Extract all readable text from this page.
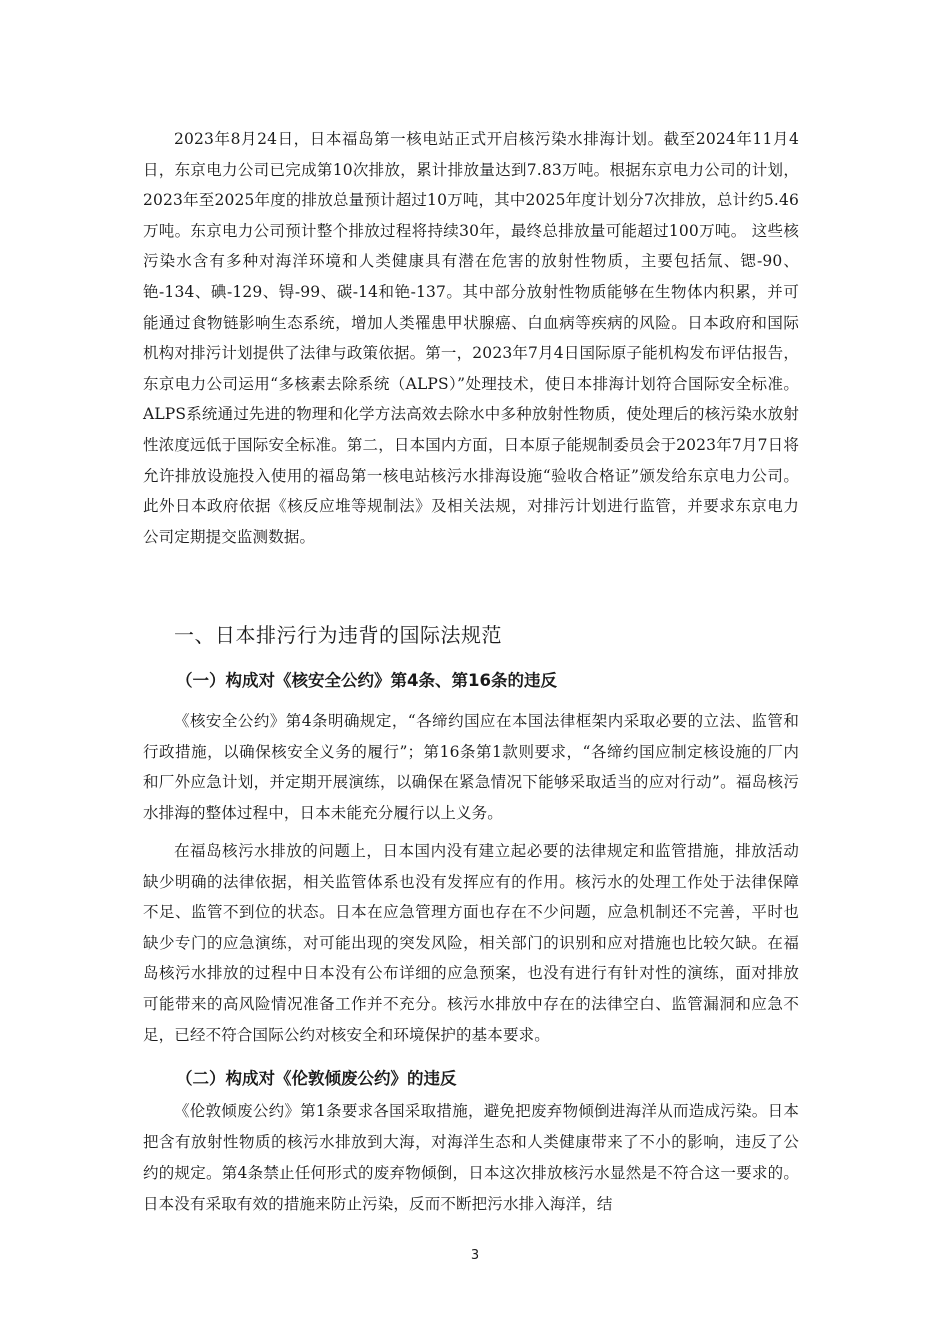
2023年8月24日，日本福岛第一核电站正式开启核污染水排海计划。截至2024年11月4日，东京电力公司已完成第10次排放，累计排放量达到7.83万吨。根据东京电力公司的计划，2023年至2025年度的排放总量预计超过10万吨，其中2025年度计划分7次排放，总计约5.46万吨。东京电力公司预计整个排放过程将持续30年，最终总排放量可能超过100万吨。 这些核污染水含有多种对海洋环境和人类健康具有潜在危害的放射性物质，主要包括氚、锶-90、铯-134、碘-129、锝-99、碳-14和铯-137。其中部分放射性物质能够在生物体内积累，并可能通过食物链影响生态系统，增加人类罹患甲状腺癌、白血病等疾病的风险。日本政府和国际机构对排污计划提供了法律与政策依据。第一，2023年7月4日国际原子能机构发布评估报告，东京电力公司运用“多核素去除系统（ALPS）”处理技术，使日本排海计划符合国际安全标准。ALPS系统通过先进的物理和化学方法高效去除水中多种放射性物质，使处理后的核污染水放射性浓度远低于国际安全标准。第二，日本国内方面，日本原子能规制委员会于2023年7月7日将允许排放设施投入使用的福岛第一核电站核污水排海设施“验收合格证”颁发给东京电力公司。此外日本政府依据《核反应堆等规制法》及相关法规，对排污计划进行监管，并要求东京电力公司定期提交监测数据。

一、日本排污行为违背的国际法规范
（一）构成对《核安全公约》第4条、第16条的违反

《核安全公约》第4条明确规定，“各缔约国应在本国法律框架内采取必要的立法、监管和行政措施，以确保核安全义务的履行”；第16条第1款则要求，“各缔约国应制定核设施的厂内和厂外应急计划，并定期开展演练，以确保在紧急情况下能够采取适当的应对行动”。福岛核污水排海的整体过程中，日本未能充分履行以上义务。

在福岛核污水排放的问题上，日本国内没有建立起必要的法律规定和监管措施，排放活动缺少明确的法律依据，相关监管体系也没有发挥应有的作用。核污水的处理工作处于法律保障不足、监管不到位的状态。日本在应急管理方面也存在不少问题，应急机制还不完善，平时也缺少专门的应急演练，对可能出现的突发风险，相关部门的识别和应对措施也比较欠缺。在福岛核污水排放的过程中日本没有公布详细的应急预案，也没有进行有针对性的演练，面对排放可能带来的高风险情况准备工作并不充分。核污水排放中存在的法律空白、监管漏洞和应急不足，已经不符合国际公约对核安全和环境保护的基本要求。

（二）构成对《伦敦倾废公约》的违反

《伦敦倾废公约》第1条要求各国采取措施，避免把废弃物倾倒进海洋从而造成污染。日本把含有放射性物质的核污水排放到大海，对海洋生态和人类健康带来了不小的影响，违反了公约的规定。第4条禁止任何形式的废弃物倾倒，日本这次排放核污水显然是不符合这一要求的。日本没有采取有效的措施来防止污染，反而不断把污水排入海洋，结

3
